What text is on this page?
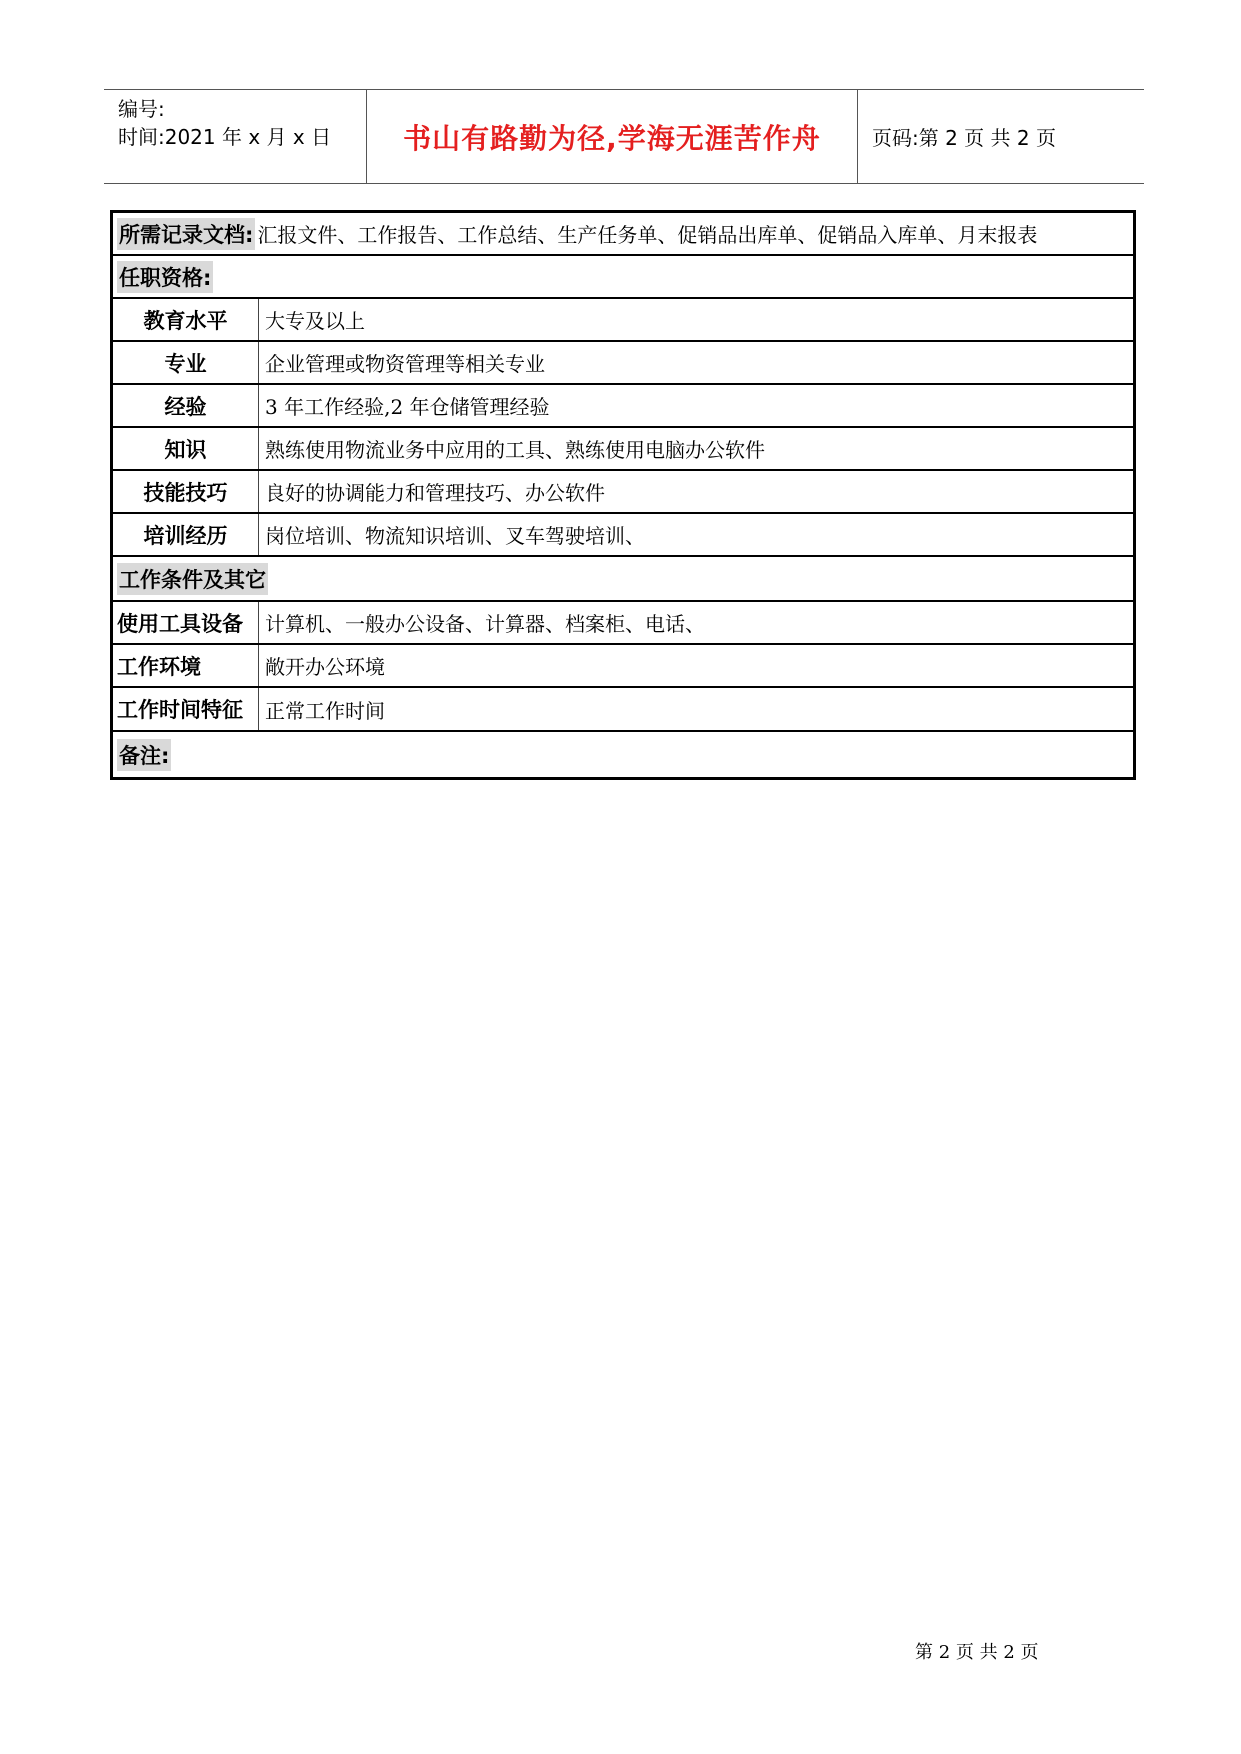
编号:
时间:2021 年 x 月 x 日	书山有路勤为径,学海无涯苦作舟	页码:第 2 页 共 2 页
所需记录文档: 汇报文件、工作报告、工作总结、生产任务单、促销品出库单、促销品入库单、月末报表
任职资格:
教育水平	大专及以上
专业	企业管理或物资管理等相关专业
经验	3 年工作经验,2 年仓储管理经验
知识	熟练使用物流业务中应用的工具、熟练使用电脑办公软件
技能技巧	良好的协调能力和管理技巧、办公软件
培训经历	岗位培训、物流知识培训、叉车驾驶培训、
工作条件及其它
使用工具设备	计算机、一般办公设备、计算器、档案柜、电话、
工作环境	敞开办公环境
工作时间特征	正常工作时间
备注:
第 2 页 共 2 页
